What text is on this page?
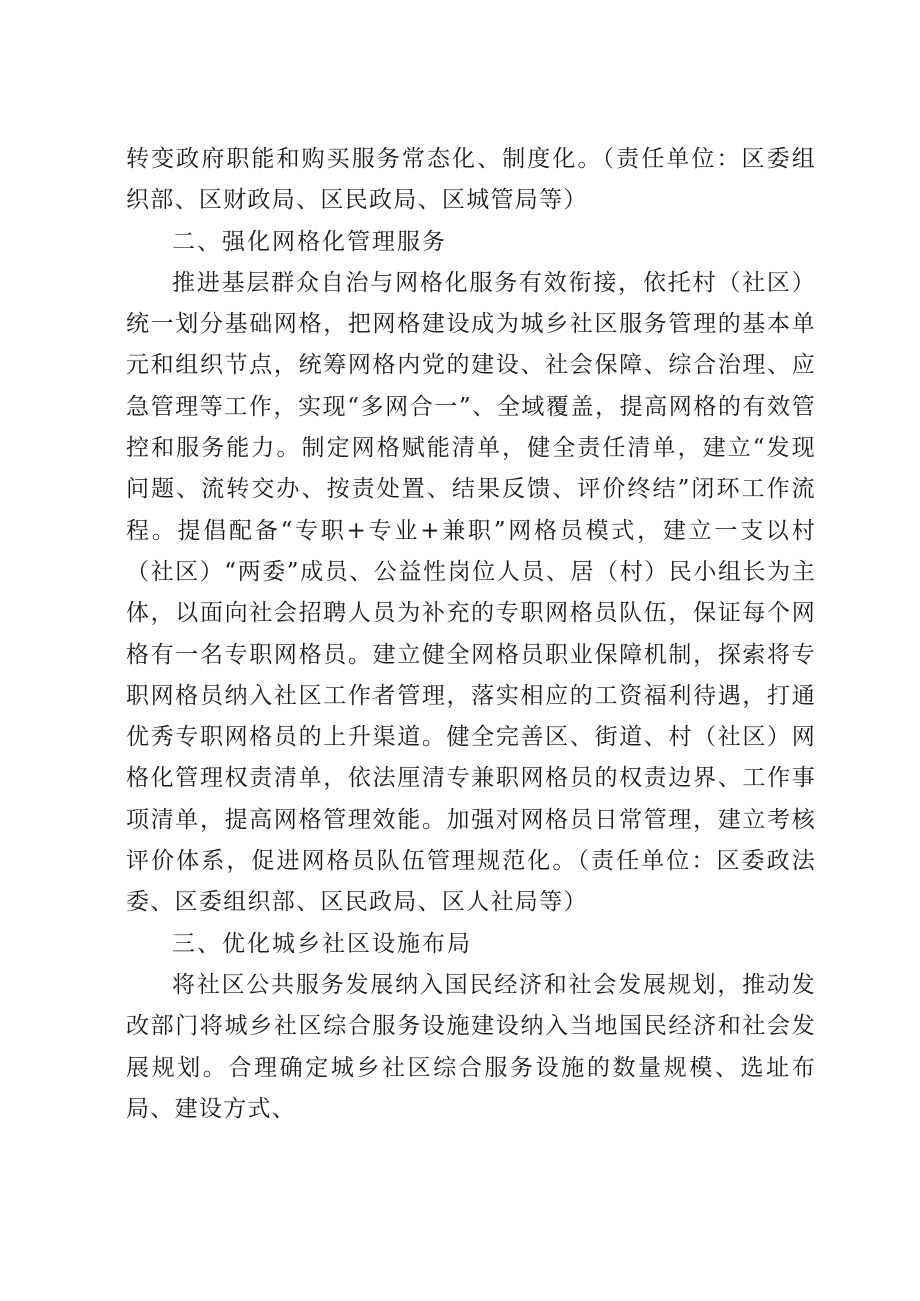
转变政府职能和购买服务常态化、制度化。（责任单位：区委组织部、区财政局、区民政局、区城管局等）

二、强化网格化管理服务

推进基层群众自治与网格化服务有效衔接，依托村（社区）统一划分基础网格，把网格建设成为城乡社区服务管理的基本单元和组织节点，统筹网格内党的建设、社会保障、综合治理、应急管理等工作，实现“多网合一”、全域覆盖，提高网格的有效管控和服务能力。制定网格赋能清单，健全责任清单，建立“发现问题、流转交办、按责处置、结果反馈、评价终结”闭环工作流程。提倡配备“专职+专业+兼职”网格员模式，建立一支以村（社区）“两委”成员、公益性岗位人员、居（村）民小组长为主体，以面向社会招聘人员为补充的专职网格员队伍，保证每个网格有一名专职网格员。建立健全网格员职业保障机制，探索将专职网格员纳入社区工作者管理，落实相应的工资福利待遇，打通优秀专职网格员的上升渠道。健全完善区、街道、村（社区）网格化管理权责清单，依法厘清专兼职网格员的权责边界、工作事项清单，提高网格管理效能。加强对网格员日常管理，建立考核评价体系，促进网格员队伍管理规范化。（责任单位：区委政法委、区委组织部、区民政局、区人社局等）

三、优化城乡社区设施布局

将社区公共服务发展纳入国民经济和社会发展规划，推动发改部门将城乡社区综合服务设施建设纳入当地国民经济和社会发展规划。合理确定城乡社区综合服务设施的数量规模、选址布局、建设方式、
